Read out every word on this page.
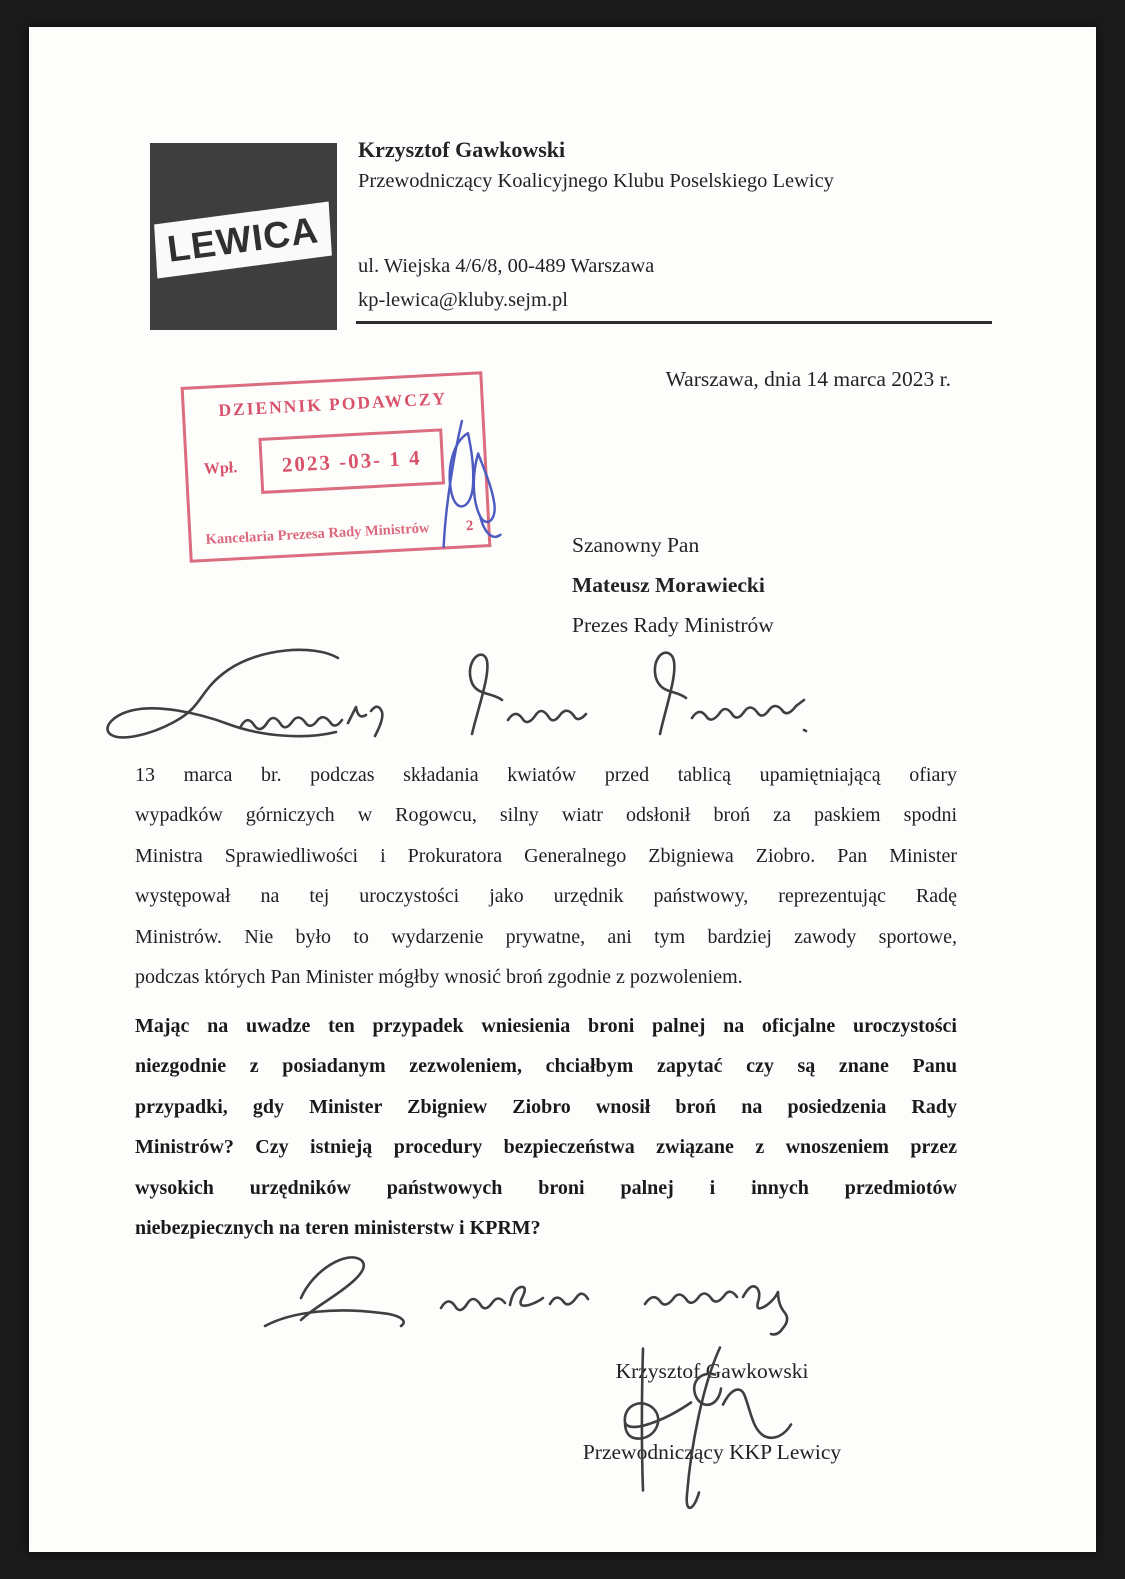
LEWICA
Krzysztof Gawkowski
Przewodniczący Koalicyjnego Klubu Poselskiego Lewicy
ul. Wiejska 4/6/8, 00-489 Warszawa
kp-lewica@kluby.sejm.pl
Warszawa, dnia 14 marca 2023 r.
DZIENNIK PODAWCZY
Wpł. 2023 -03- 1 4
Kancelaria Prezesa Rady Ministrów 2
Szanowny Pan
Mateusz Morawiecki
Prezes Rady Ministrów
13 marca br. podczas składania kwiatów przed tablicą upamiętniającą ofiary
wypadków górniczych w Rogowcu, silny wiatr odsłonił broń za paskiem spodni
Ministra Sprawiedliwości i Prokuratora Generalnego Zbigniewa Ziobro. Pan Minister
występował na tej uroczystości jako urzędnik państwowy, reprezentując Radę
Ministrów. Nie było to wydarzenie prywatne, ani tym bardziej zawody sportowe,
podczas których Pan Minister mógłby wnosić broń zgodnie z pozwoleniem.
Mając na uwadze ten przypadek wniesienia broni palnej na oficjalne uroczystości
niezgodnie z posiadanym zezwoleniem, chciałbym zapytać czy są znane Panu
przypadki, gdy Minister Zbigniew Ziobro wnosił broń na posiedzenia Rady
Ministrów? Czy istnieją procedury bezpieczeństwa związane z wnoszeniem przez
wysokich urzędników państwowych broni palnej i innych przedmiotów
niebezpiecznych na teren ministerstw i KPRM?
Krzysztof Gawkowski
Przewodniczący KKP Lewicy
